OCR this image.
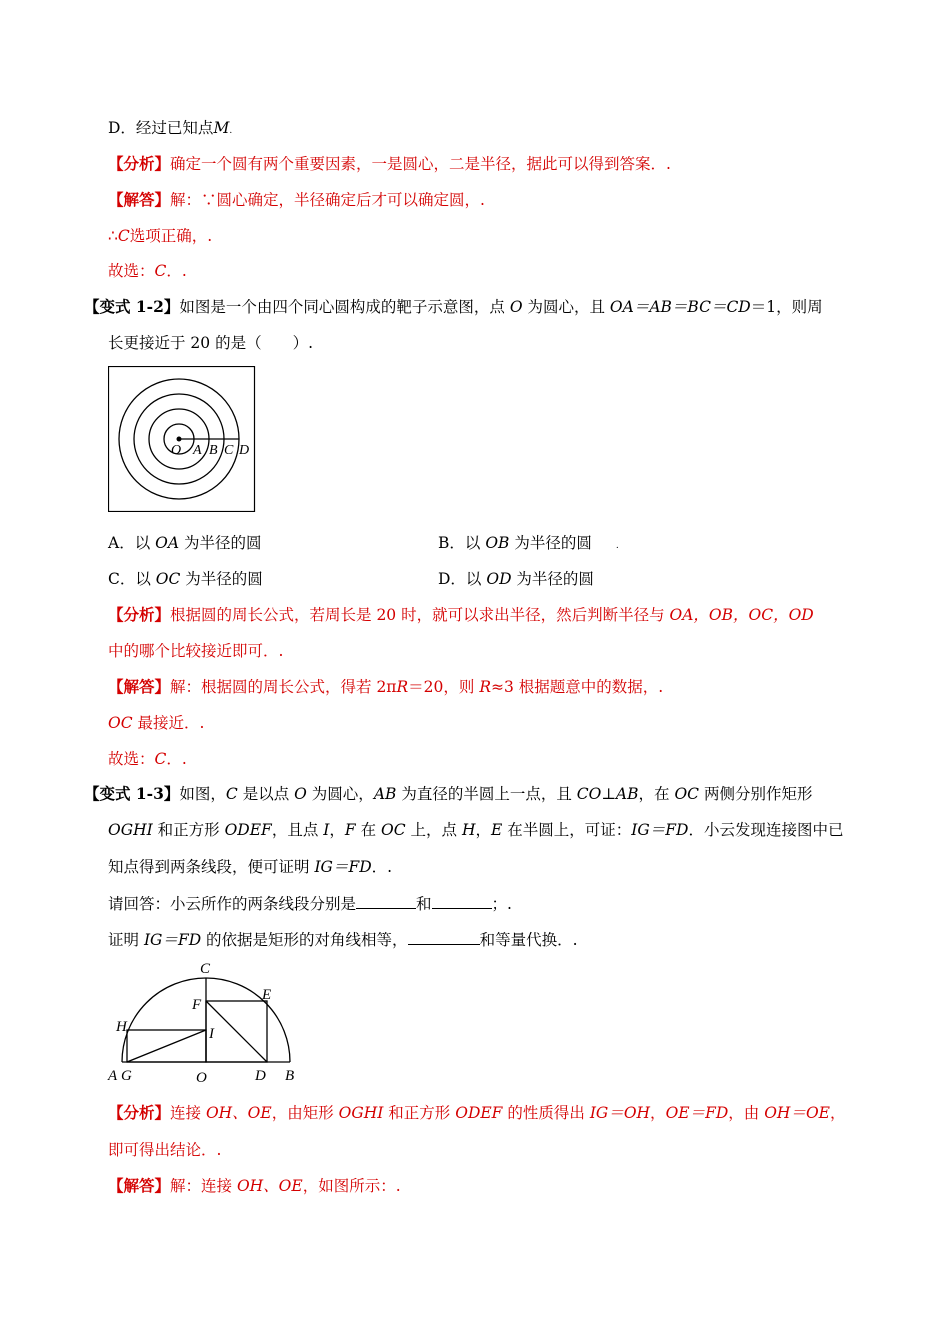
D．经过已知点M.
【分析】确定一个圆有两个重要因素，一是圆心，二是半径，据此可以得到答案．.
【解答】解：∵圆心确定，半径确定后才可以确定圆，.
∴C选项正确，.
故选：C．.
【变式 1-2】如图是一个由四个同心圆构成的靶子示意图，点 O 为圆心，且 OA＝AB＝BC＝CD＝1，则周
长更接近于 20 的是（　　）.
O A B C D
A．以 OA 为半径的圆	B．以 OB 为半径的圆	.
C．以 OC 为半径的圆	D．以 OD 为半径的圆
【分析】根据圆的周长公式，若周长是 20 时，就可以求出半径，然后判断半径与 OA，OB，OC，OD
中的哪个比较接近即可．.
【解答】解：根据圆的周长公式，得若 2πR＝20，则 R≈3 根据题意中的数据，.
OC 最接近．.
故选：C．.
【变式 1-3】如图，C 是以点 O 为圆心，AB 为直径的半圆上一点，且 CO⊥AB，在 OC 两侧分别作矩形
OGHI 和正方形 ODEF，且点 I，F 在 OC 上，点 H，E 在半圆上，可证：IG＝FD．小云发现连接图中已
知点得到两条线段，便可证明 IG＝FD．.
请回答：小云所作的两条线段分别是	和	；.
证明 IG＝FD 的依据是矩形的对角线相等，	和等量代换．.
C
F
E
H	I
A G	O	D B
【分析】连接 OH、OE，由矩形 OGHI 和正方形 ODEF 的性质得出 IG＝OH，OE＝FD，由 OH＝OE，
即可得出结论．.
【解答】解：连接 OH、OE，如图所示：.
